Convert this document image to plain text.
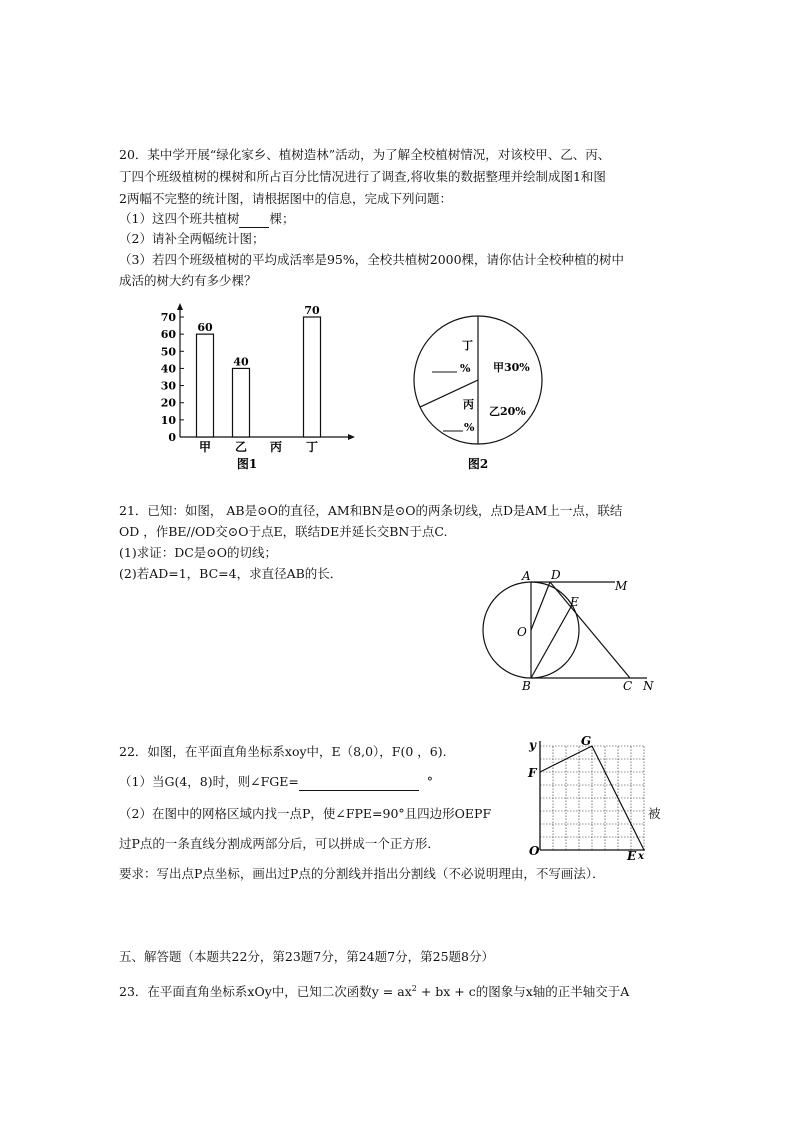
20．某中学开展“绿化家乡、植树造林”活动，为了解全校植树情况，对该校甲、乙、丙、
丁四个班级植树的棵树和所占百分比情况进行了调查,将收集的数据整理并绘制成图1和图
2两幅不完整的统计图，请根据图中的信息，完成下列问题：
（1）这四个班共植树 棵；
（2）请补全两幅统计图；
（3）若四个班级植树的平均成活率是95%，全校共植树2000棵，请你估计全校种植的树中
成活的树大约有多少棵？
0
10
20
30
40
50
60
70
60
甲
40
乙 丙
70
丁
图1
甲30%
乙20%
丙
%
丁
%
图2
21．已知：如图， AB是⊙O的直径，AM和BN是⊙O的两条切线，点D是AM上一点，联结
OD ，作BE//OD交⊙O于点E，联结DE并延长交BN于点C.
(1)求证：DC是⊙O的切线；
(2)若AD=1，BC=4，求直径AB的长．	A D
M
E
O
B	C N
22．如图，在平面直角坐标系xoy中，E（8,0），F(0 ，6).
（1）当G(4，8)时，则∠FGE=	°
（2）在图中的网格区域内找一点P，使∠FPE=90°且四边形OEPF	被
过P点的一条直线分割成两部分后，可以拼成一个正方形．
要求：写出点P点坐标，画出过P点的分割线并指出分割线（不必说明理由，不写画法）．
y
x
G
F
O	E
五、解答题（本题共22分，第23题7分，第24题7分，第25题8分）
23．在平面直角坐标系xOy中，已知二次函数$y = ax^2$ + bx + c的图象与x轴的正半轴交于A
